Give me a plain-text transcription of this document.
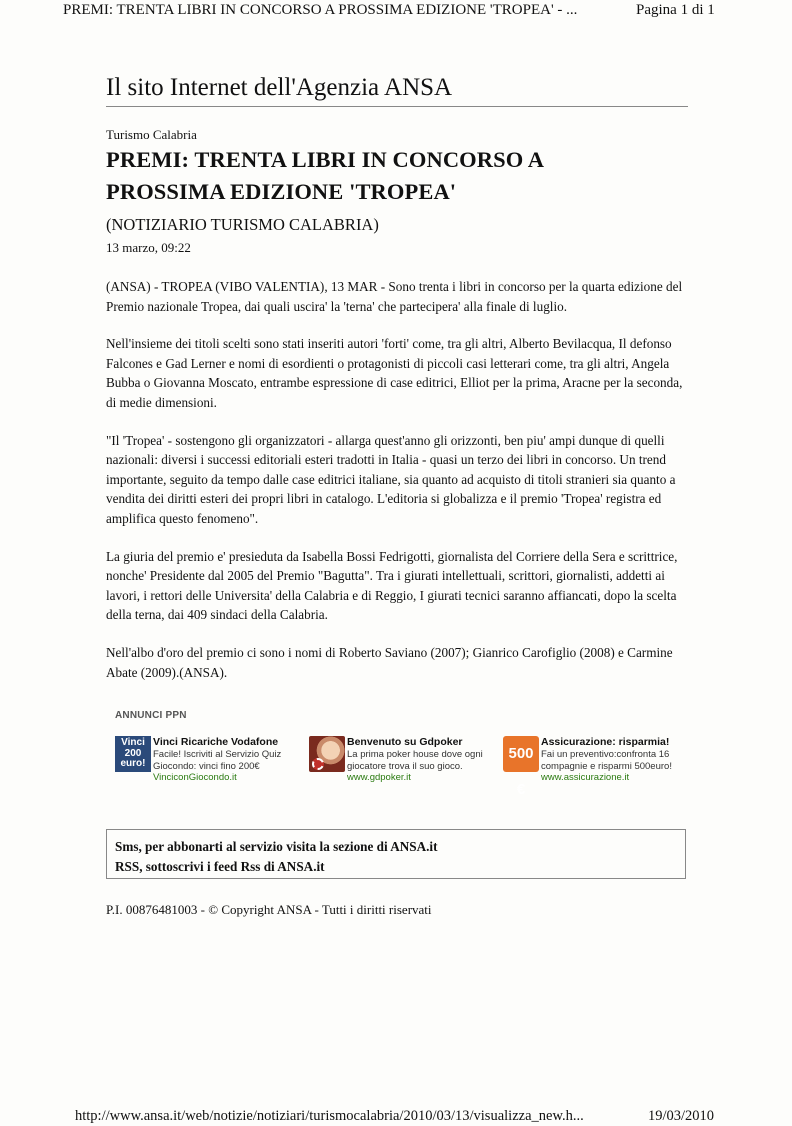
PREMI: TRENTA LIBRI IN CONCORSO A PROSSIMA EDIZIONE 'TROPEA' - ...	Pagina 1 di 1
Il sito Internet dell'Agenzia ANSA
Turismo Calabria
PREMI: TRENTA LIBRI IN CONCORSO A PROSSIMA EDIZIONE 'TROPEA'
(NOTIZIARIO TURISMO CALABRIA)
13 marzo, 09:22

(ANSA) - TROPEA (VIBO VALENTIA), 13 MAR - Sono trenta i libri in concorso per la quarta edizione del Premio nazionale Tropea, dai quali uscira' la 'terna' che partecipera' alla finale di luglio.

Nell'insieme dei titoli scelti sono stati inseriti autori 'forti' come, tra gli altri, Alberto Bevilacqua, Il defonso Falcones e Gad Lerner e nomi di esordienti o protagonisti di piccoli casi letterari come, tra gli altri, Angela Bubba o Giovanna Moscato, entrambe espressione di case editrici, Elliot per la prima, Aracne per la seconda, di medie dimensioni.

"Il 'Tropea' - sostengono gli organizzatori - allarga quest'anno gli orizzonti, ben piu' ampi dunque di quelli nazionali: diversi i successi editoriali esteri tradotti in Italia - quasi un terzo dei libri in concorso. Un trend importante, seguito da tempo dalle case editrici italiane, sia quanto ad acquisto di titoli stranieri sia quanto a vendita dei diritti esteri dei propri libri in catalogo. L'editoria si globalizza e il premio 'Tropea' registra ed amplifica questo fenomeno".

La giuria del premio e' presieduta da Isabella Bossi Fedrigotti, giornalista del Corriere della Sera e scrittrice, nonche' Presidente dal 2005 del Premio "Bagutta". Tra i giurati intellettuali, scrittori, giornalisti, addetti ai lavori, i rettori delle Universita' della Calabria e di Reggio, I giurati tecnici saranno affiancati, dopo la scelta della terna, dai 409 sindaci della Calabria.

Nell'albo d'oro del premio ci sono i nomi di Roberto Saviano (2007); Gianrico Carofiglio (2008) e Carmine Abate (2009).(ANSA).

ANNUNCI PPN
Vinci 200 euro!
Vinci Ricariche Vodafone
Facile! Iscriviti al Servizio Quiz Giocondo: vinci fino 200€
VinciconGiocondo.it
Benvenuto su Gdpoker
La prima poker house dove ogni giocatore trova il suo gioco.
www.gdpoker.it
500 €
Assicurazione: risparmia!
Fai un preventivo:confronta 16 compagnie e risparmi 500euro!
www.assicurazione.it
Sms, per abbonarti al servizio visita la sezione di ANSA.it
RSS, sottoscrivi i feed Rss di ANSA.it
P.I. 00876481003 - © Copyright ANSA - Tutti i diritti riservati
http://www.ansa.it/web/notizie/notiziari/turismocalabria/2010/03/13/visualizza_new.h...	19/03/2010
